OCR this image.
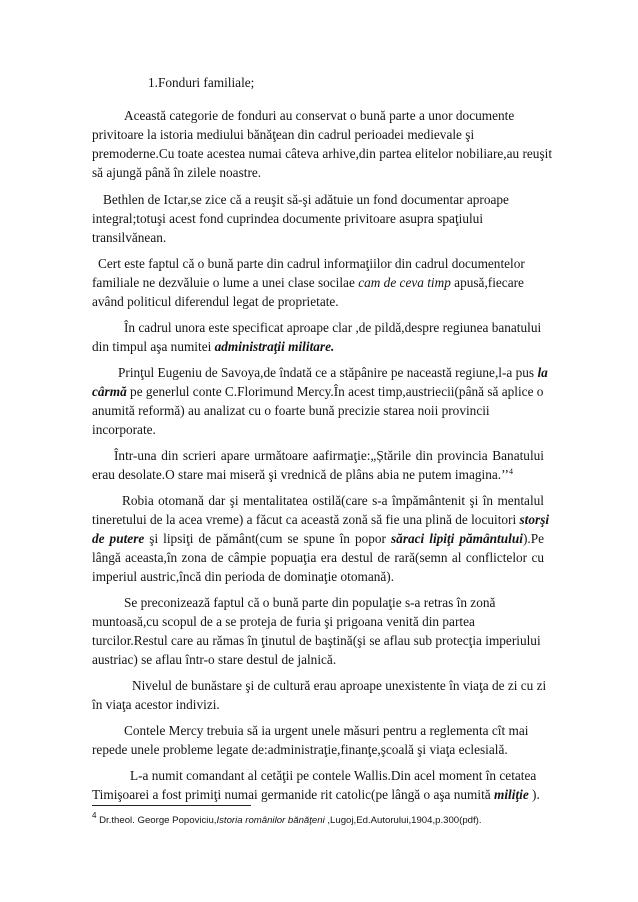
1.Fonduri familiale;
Această categorie de fonduri au conservat o bună parte a unor documente
privitoare la istoria mediului bănăţean din cadrul perioadei medievale şi
premoderne.Cu toate acestea numai câteva arhive,din partea elitelor nobiliare,au reuşit
să ajungă până în zilele noastre.
Bethlen de Ictar,se zice că a reuşit să-şi adătuie un fond documentar aproape
integral;totuşi acest fond cuprindea documente privitoare asupra spaţiului
transilvănean.
Cert este faptul că o bună parte din cadrul informaţiilor din cadrul documentelor
familiale ne dezvăluie o lume a unei clase socilae cam de ceva timp apusă,fiecare
având politicul diferendul legat de proprietate.
În cadrul unora este specificat aproape clar ,de pildă,despre regiunea banatului
din timpul aşa numitei administraţii militare.
Prinţul Eugeniu de Savoya,de îndată ce a stăpânire pe naceastă regiune,l-a pus la
cârmă pe generlul conte C.Florimund Mercy.În acest timp,austriecii(până să aplice o
anumită reformă) au analizat cu o foarte bună precizie starea noii provincii
incorporate.
Într-una din scrieri apare următoare aafirmaţie:„Ștările din provincia Banatului
erau desolate.O stare mai miseră şi vrednică de plâns abia ne putem imagina.’’$^4$
Robia otomană dar şi mentalitatea ostilă(care s-a împământenit şi în mentalul
tineretului de la acea vreme) a făcut ca această zonă să fie una plină de locuitori storşi
de putere şi lipsiţi de pământ(cum se spune în popor săraci lipiţi pământului).Pe
lângă aceasta,în zona de câmpie popuaţia era destul de rară(semn al conflictelor cu
imperiul austric,încă din perioda de dominaţie otomană).
Se preconizează faptul că o bună parte din populaţie s-a retras în zonă
muntoasă,cu scopul de a se proteja de furia şi prigoana venită din partea
turcilor.Restul care au rămas în ţinutul de baştină(şi se aflau sub protecţia imperiului
austriac) se aflau într-o stare destul de jalnică.
Nivelul de bunăstare şi de cultură erau aproape unexistente în viaţa de zi cu zi
în viaţa acestor indivizi.
Contele Mercy trebuia să ia urgent unele măsuri pentru a reglementa cît mai
repede unele probleme legate de:administraţie,finanţe,şcoală şi viaţa eclesială.
L-a numit comandant al cetăţii pe contele Wallis.Din acel moment în cetatea
Timişoarei a fost primiţi numai germanide rit catolic(pe lângă o aşa numită miliţie ).
$^4$ Dr.theol. George Popoviciu,Istoria românilor bănăţeni ,Lugoj,Ed.Autorului,1904,p.300(pdf).
